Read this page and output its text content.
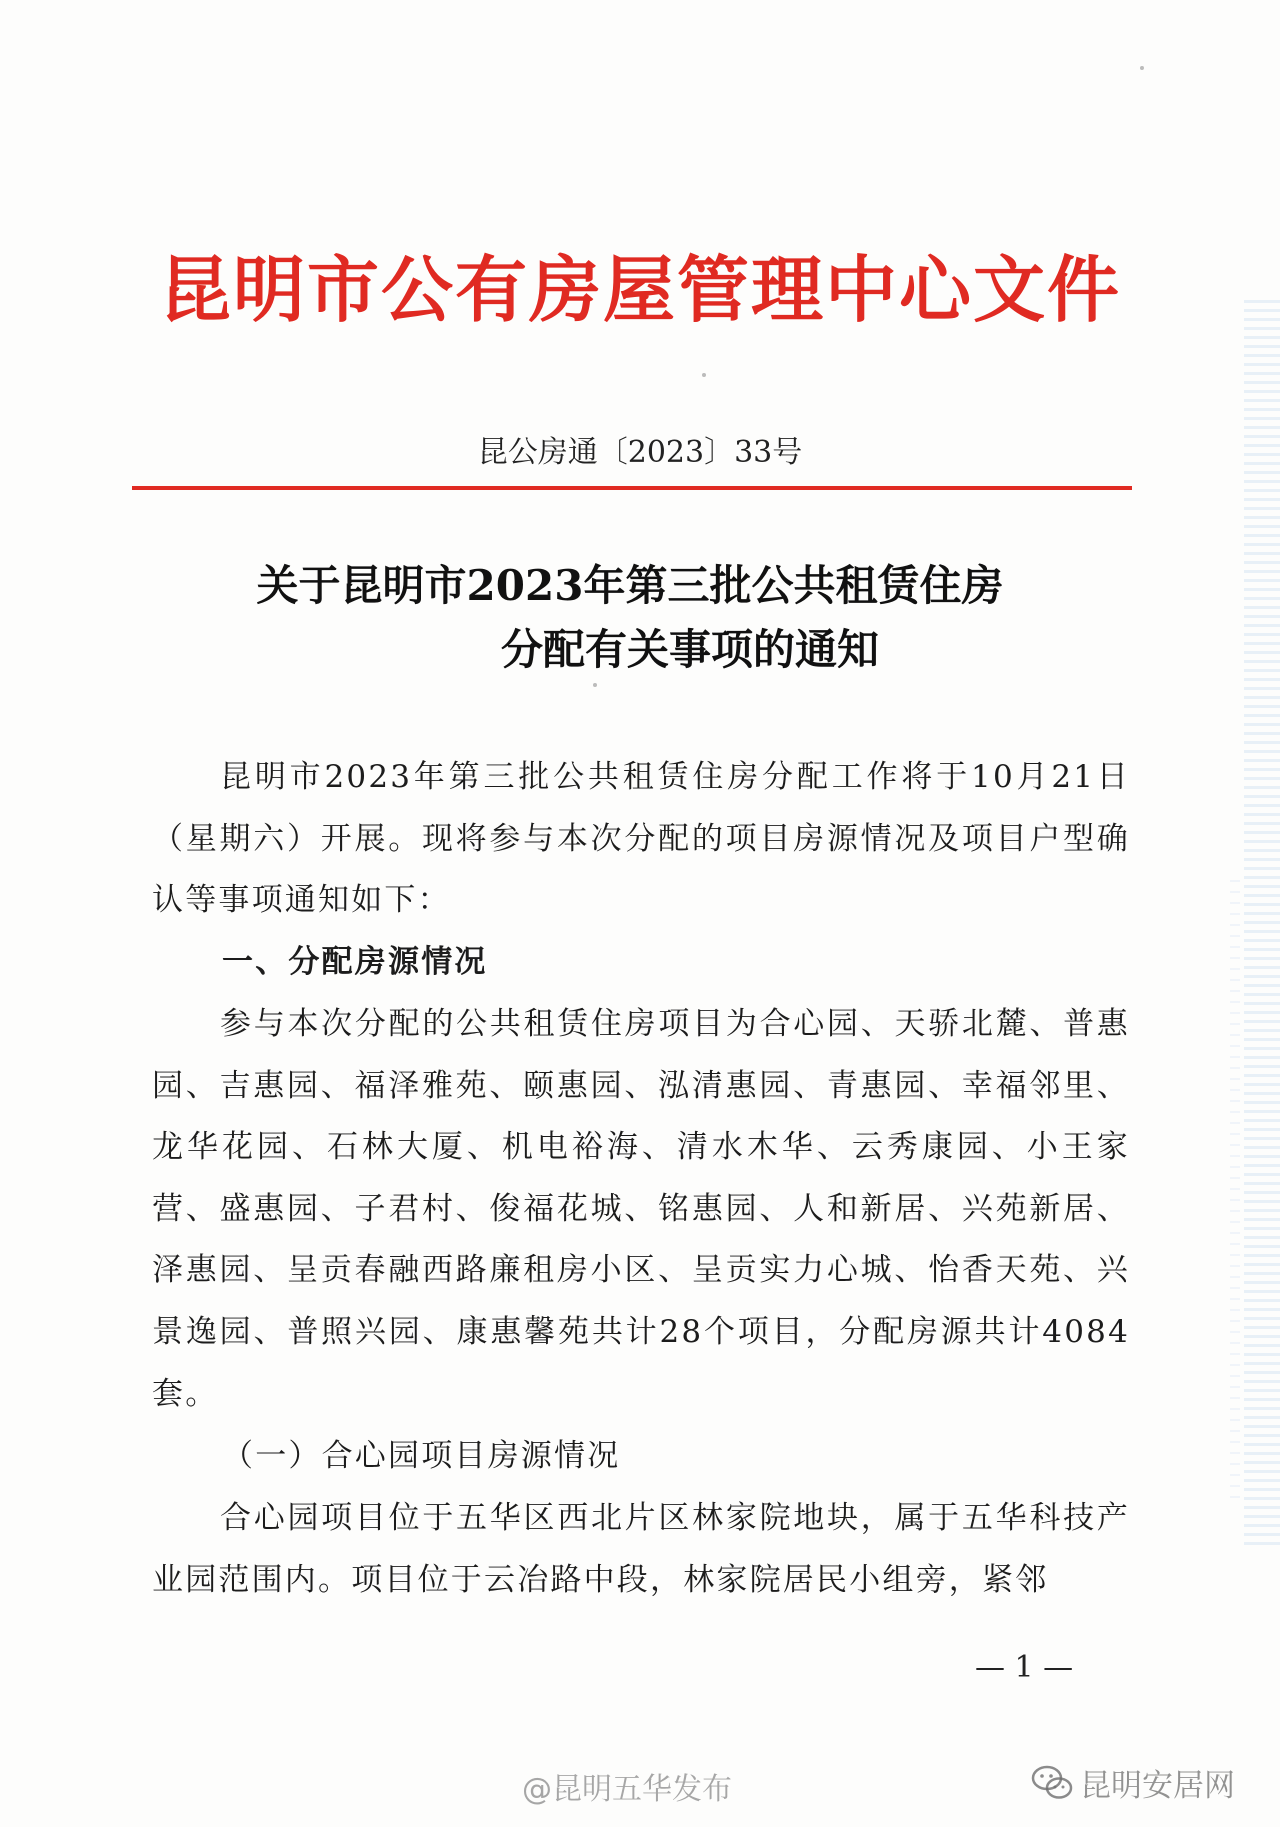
昆明市公有房屋管理中心文件
昆公房通〔2023〕33号
关于昆明市2023年第三批公共租赁住房
分配有关事项的通知
昆明市2023年第三批公共租赁住房分配工作将于10月21日（星期六）开展。现将参与本次分配的项目房源情况及项目户型确认等事项通知如下：
一、分配房源情况
参与本次分配的公共租赁住房项目为合心园、天骄北麓、普惠园、吉惠园、福泽雅苑、颐惠园、泓清惠园、青惠园、幸福邻里、龙华花园、石林大厦、机电裕海、清水木华、云秀康园、小王家营、盛惠园、子君村、俊福花城、铭惠园、人和新居、兴苑新居、泽惠园、呈贡春融西路廉租房小区、呈贡实力心城、怡香天苑、兴景逸园、普照兴园、康惠馨苑共计28个项目，分配房源共计4084套。
（一）合心园项目房源情况
合心园项目位于五华区西北片区林家院地块，属于五华科技产业园范围内。项目位于云冶路中段，林家院居民小组旁，紧邻
— 1 —
@昆明五华发布	昆明安居网
